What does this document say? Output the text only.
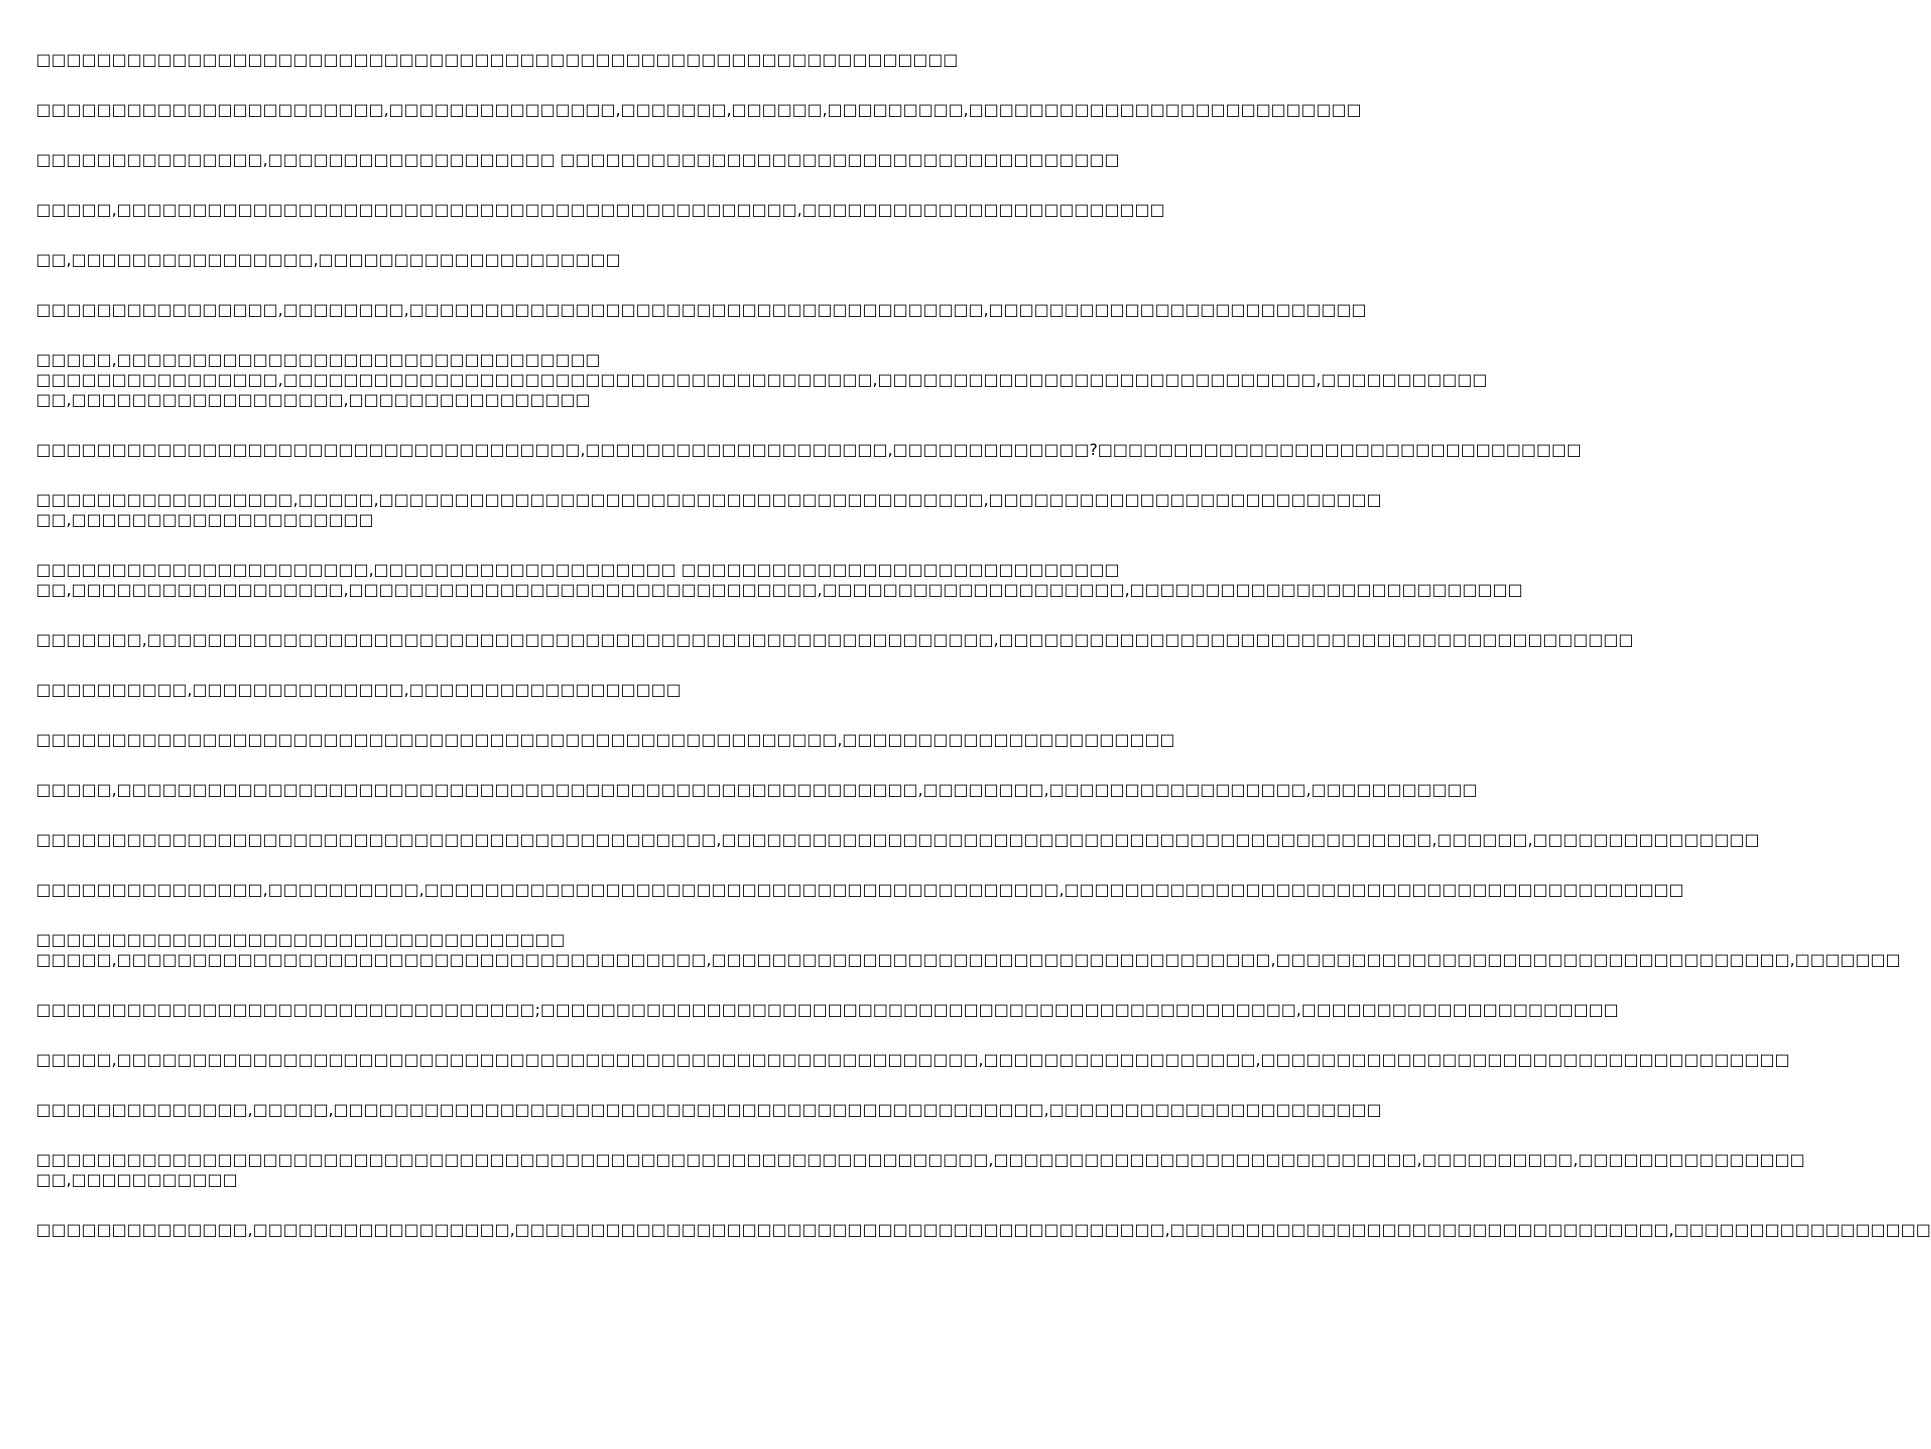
□□□□□□□□□□□□□□□□□□□□□□□□□□□□□□□□□□□□□□□□□□□□□□□□□□□□□□□□□□□□□

□□□□□□□□□□□□□□□□□□□□□□□,□□□□□□□□□□□□□□□,□□□□□□□,□□□□□□,□□□□□□□□□,□□□□□□□□□□□□□□□□□□□□□□□□□□

□□□□□□□□□□□□□□□,□□□□□□□□□□□□□□□□□□□ □□□□□□□□□□□□□□□□□□□□□□□□□□□□□□□□□□□□□

□□□□□,□□□□□□□□□□□□□□□□□□□□□□□□□□□□□□□□□□□□□□□□□□□□□,□□□□□□□□□□□□□□□□□□□□□□□□

□□,□□□□□□□□□□□□□□□□,□□□□□□□□□□□□□□□□□□□□

□□□□□□□□□□□□□□□□,□□□□□□□□,□□□□□□□□□□□□□□□□□□□□□□□□□□□□□□□□□□□□□□,□□□□□□□□□□□□□□□□□□□□□□□□□

□□□□□,□□□□□□□□□□□□□□□□□□□□□□□□□□□□□□□□
□□□□□□□□□□□□□□□□,□□□□□□□□□□□□□□□□□□□□□□□□□□□□□□□□□□□□□□□,□□□□□□□□□□□□□□□□□□□□□□□□□□□□□,□□□□□□□□□□□
□□,□□□□□□□□□□□□□□□□□□,□□□□□□□□□□□□□□□□

□□□□□□□□□□□□□□□□□□□□□□□□□□□□□□□□□□□□,□□□□□□□□□□□□□□□□□□□□,□□□□□□□□□□□□□?□□□□□□□□□□□□□□□□□□□□□□□□□□□□□□□□

□□□□□□□□□□□□□□□□□,□□□□□,□□□□□□□□□□□□□□□□□□□□□□□□□□□□□□□□□□□□□□□□,□□□□□□□□□□□□□□□□□□□□□□□□□□
□□,□□□□□□□□□□□□□□□□□□□□

□□□□□□□□□□□□□□□□□□□□□□,□□□□□□□□□□□□□□□□□□□□ □□□□□□□□□□□□□□□□□□□□□□□□□□□□□
□□,□□□□□□□□□□□□□□□□□□,□□□□□□□□□□□□□□□□□□□□□□□□□□□□□□□,□□□□□□□□□□□□□□□□□□□□,□□□□□□□□□□□□□□□□□□□□□□□□□□

□□□□□□□,□□□□□□□□□□□□□□□□□□□□□□□□□□□□□□□□□□□□□□□□□□□□□□□□□□□□□□□□,□□□□□□□□□□□□□□□□□□□□□□□□□□□□□□□□□□□□□□□□□□

□□□□□□□□□□,□□□□□□□□□□□□□□,□□□□□□□□□□□□□□□□□□

□□□□□□□□□□□□□□□□□□□□□□□□□□□□□□□□□□□□□□□□□□□□□□□□□□□□□,□□□□□□□□□□□□□□□□□□□□□□

□□□□□,□□□□□□□□□□□□□□□□□□□□□□□□□□□□□□□□□□□□□□□□□□□□□□□□□□□□□,□□□□□□□□,□□□□□□□□□□□□□□□□□,□□□□□□□□□□□

□□□□□□□□□□□□□□□□□□□□□□□□□□□□□□□□□□□□□□□□□□□□□,□□□□□□□□□□□□□□□□□□□□□□□□□□□□□□□□□□□□□□□□□□□□□□□,□□□□□□,□□□□□□□□□□□□□□□

□□□□□□□□□□□□□□□,□□□□□□□□□□,□□□□□□□□□□□□□□□□□□□□□□□□□□□□□□□□□□□□□□□□□□,□□□□□□□□□□□□□□□□□□□□□□□□□□□□□□□□□□□□□□□□□

□□□□□□□□□□□□□□□□□□□□□□□□□□□□□□□□□□□
□□□□□,□□□□□□□□□□□□□□□□□□□□□□□□□□□□□□□□□□□□□□□,□□□□□□□□□□□□□□□□□□□□□□□□□□□□□□□□□□□□□,□□□□□□□□□□□□□□□□□□□□□□□□□□□□□□□□□□,□□□□□□□

□□□□□□□□□□□□□□□□□□□□□□□□□□□□□□□□□;□□□□□□□□□□□□□□□□□□□□□□□□□□□□□□□□□□□□□□□□□□□□□□□□□□,□□□□□□□□□□□□□□□□□□□□□

□□□□□,□□□□□□□□□□□□□□□□□□□□□□□□□□□□□□□□□□□□□□□□□□□□□□□□□□□□□□□□□,□□□□□□□□□□□□□□□□□□,□□□□□□□□□□□□□□□□□□□□□□□□□□□□□□□□□□□

□□□□□□□□□□□□□□,□□□□□,□□□□□□□□□□□□□□□□□□□□□□□□□□□□□□□□□□□□□□□□□□□□□□□,□□□□□□□□□□□□□□□□□□□□□□

□□□□□□□□□□□□□□□□□□□□□□□□□□□□□□□□□□□□□□□□□□□□□□□□□□□□□□□□□□□□□□□,□□□□□□□□□□□□□□□□□□□□□□□□□□□□,□□□□□□□□□□,□□□□□□□□□□□□□□□
□□,□□□□□□□□□□□

□□□□□□□□□□□□□□,□□□□□□□□□□□□□□□□□,□□□□□□□□□□□□□□□□□□□□□□□□□□□□□□□□□□□□□□□□□□□,□□□□□□□□□□□□□□□□□□□□□□□□□□□□□□□□□,□□□□□□□□□□□□□□□□□
